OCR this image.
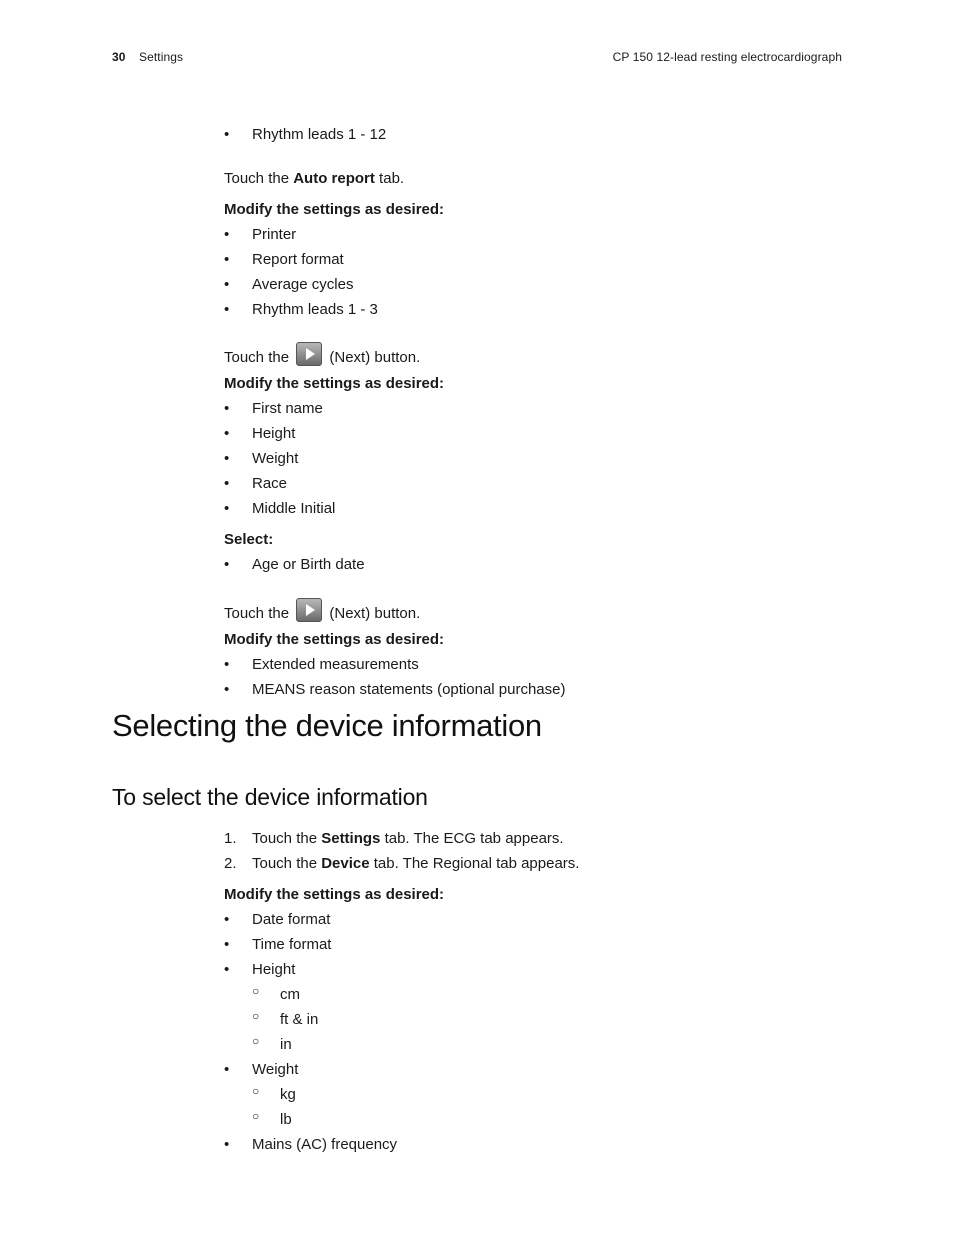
30 Settings	CP 150 12-lead resting electrocardiograph
•	Rhythm leads 1 - 12
Touch the Auto report tab.
Modify the settings as desired:
•	Printer
•	Report format
•	Average cycles
•	Rhythm leads 1 - 3
Touch the  (Next) button.
Modify the settings as desired:
•	First name
•	Height
•	Weight
•	Race
•	Middle Initial
Select:
•	Age or Birth date
Touch the  (Next) button.
Modify the settings as desired:
•	Extended measurements
•	MEANS reason statements (optional purchase)
Selecting the device information
To select the device information
1. Touch the Settings tab. The ECG tab appears.
2. Touch the Device tab. The Regional tab appears.
Modify the settings as desired:
•	Date format
•	Time format
•	Height
○ cm
○ ft & in
○ in
•	Weight
○ kg
○ lb
•	Mains (AC) frequency
